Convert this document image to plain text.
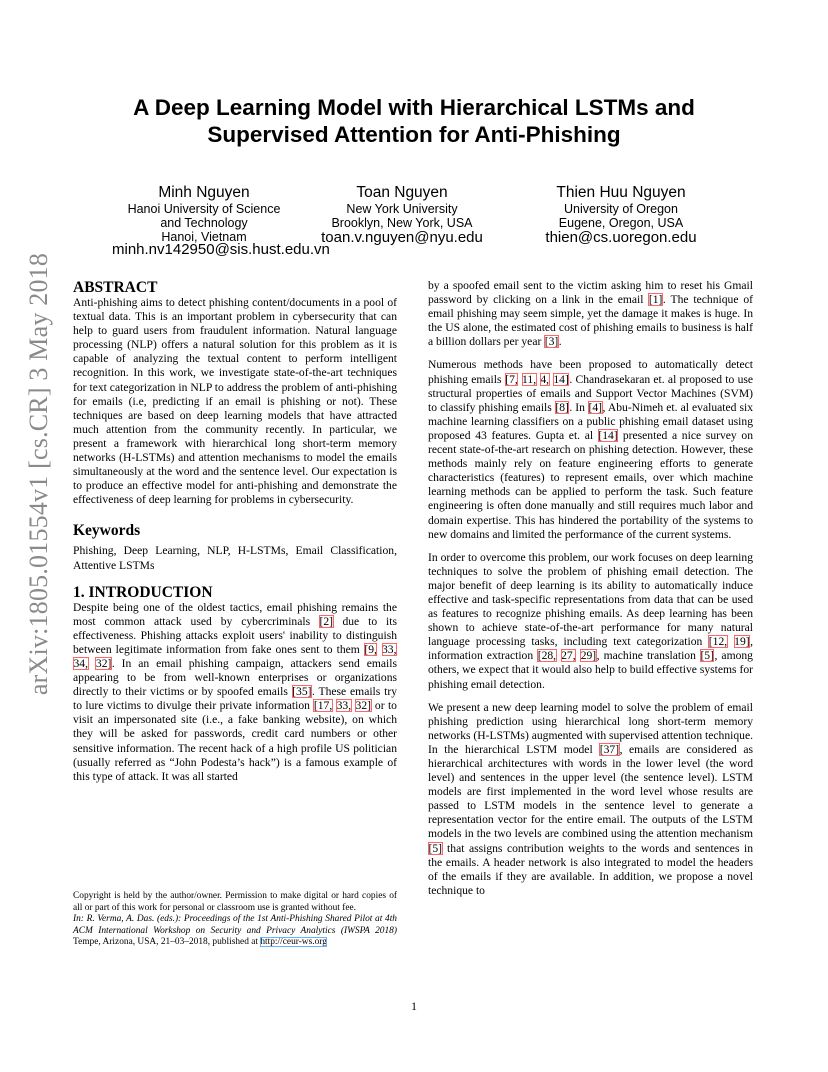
A Deep Learning Model with Hierarchical LSTMs and
Supervised Attention for Anti-Phishing
Minh Nguyen
Hanoi University of Science
and Technology
Hanoi, Vietnam
minh.nv142950@sis.hust.edu.vn
Toan Nguyen
New York University
Brooklyn, New York, USA
toan.v.nguyen@nyu.edu
Thien Huu Nguyen
University of Oregon
Eugene, Oregon, USA
thien@cs.uoregon.edu
arXiv:1805.01554v1 [cs.CR] 3 May 2018 ABSTRACT

Anti-phishing aims to detect phishing content/documents in a pool of textual data. This is an important problem in cybersecurity that can help to guard users from fraudulent information. Natural language processing (NLP) offers a natural solution for this problem as it is capable of analyzing the textual content to perform intelligent recognition. In this work, we investigate state-of-the-art techniques for text categorization in NLP to address the problem of anti-phishing for emails (i.e, predicting if an email is phishing or not). These techniques are based on deep learning models that have attracted much attention from the community recently. In particular, we present a framework with hierarchical long short-term memory networks (H-LSTMs) and attention mechanisms to model the emails simultaneously at the word and the sentence level. Our expectation is to produce an effective model for anti-phishing and demonstrate the effectiveness of deep learning for problems in cybersecurity.

Keywords

Phishing, Deep Learning, NLP, H-LSTMs, Email Classification, Attentive LSTMs

1. INTRODUCTION

Despite being one of the oldest tactics, email phishing remains the most common attack used by cybercriminals [2] due to its effectiveness. Phishing attacks exploit users' inability to distinguish between legitimate information from fake ones sent to them [9, 33, 34, 32]. In an email phishing campaign, attackers send emails appearing to be from well-known enterprises or organizations directly to their victims or by spoofed emails [35]. These emails try to lure victims to divulge their private information [17, 33, 32] or to visit an impersonated site (i.e., a fake banking website), on which they will be asked for passwords, credit card numbers or other sensitive information. The recent hack of a high profile US politician (usually referred as “John Podesta’s hack”) is a famous example of this type of attack. It was all started

Copyright is held by the author/owner. Permission to make digital or hard copies of all or part of this work for personal or classroom use is granted without fee.
In: R. Verma, A. Das. (eds.): Proceedings of the 1st Anti-Phishing Shared Pilot at 4th ACM International Workshop on Security and Privacy Analytics (IWSPA 2018) Tempe, Arizona, USA, 21–03–2018, published at http://ceur-ws.org

by a spoofed email sent to the victim asking him to reset his Gmail password by clicking on a link in the email [1]. The technique of email phishing may seem simple, yet the damage it makes is huge. In the US alone, the estimated cost of phishing emails to business is half a billion dollars per year [3].

Numerous methods have been proposed to automatically detect phishing emails [7, 11, 4, 14]. Chandrasekaran et. al proposed to use structural properties of emails and Support Vector Machines (SVM) to classify phishing emails [8]. In [4], Abu-Nimeh et. al evaluated six machine learning classifiers on a public phishing email dataset using proposed 43 features. Gupta et. al [14] presented a nice survey on recent state-of-the-art research on phishing detection. However, these methods mainly rely on feature engineering efforts to generate characteristics (features) to represent emails, over which machine learning methods can be applied to perform the task. Such feature engineering is often done manually and still requires much labor and domain expertise. This has hindered the portability of the systems to new domains and limited the performance of the current systems.

In order to overcome this problem, our work focuses on deep learning techniques to solve the problem of phishing email detection. The major benefit of deep learning is its ability to automatically induce effective and task-specific representations from data that can be used as features to recognize phishing emails. As deep learning has been shown to achieve state-of-the-art performance for many natural language processing tasks, including text categorization [12, 19], information extraction [28, 27, 29], machine translation [5], among others, we expect that it would also help to build effective systems for phishing email detection.

We present a new deep learning model to solve the problem of email phishing prediction using hierarchical long short-term memory networks (H-LSTMs) augmented with supervised attention technique. In the hierarchical LSTM model [37], emails are considered as hierarchical architectures with words in the lower level (the word level) and sentences in the upper level (the sentence level). LSTM models are first implemented in the word level whose results are passed to LSTM models in the sentence level to generate a representation vector for the entire email. The outputs of the LSTM models in the two levels are combined using the attention mechanism [5] that assigns contribution weights to the words and sentences in the emails. A header network is also integrated to model the headers of the emails if they are available. In addition, we propose a novel technique to

1
